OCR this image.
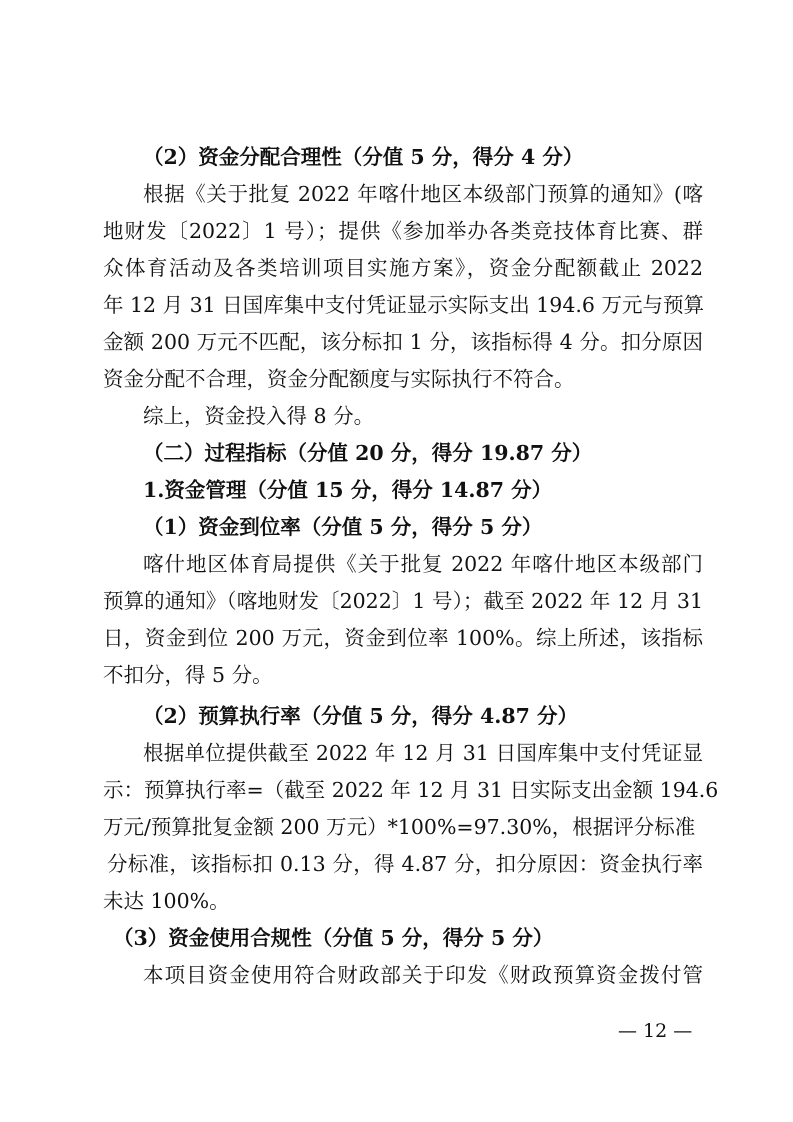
（2）资金分配合理性（分值 5 分，得分 4 分）
根据《关于批复 2022 年喀什地区本级部门预算的通知》(喀
地财发〔2022〕1 号）；提供《参加举办各类竞技体育比赛、群
众体育活动及各类培训项目实施方案》，资金分配额截止 2022
年 12 月 31 日国库集中支付凭证显示实际支出 194.6 万元与预算
金额 200 万元不匹配，该分标扣 1 分，该指标得 4 分。扣分原因
资金分配不合理，资金分配额度与实际执行不符合。
综上，资金投入得 8 分。
（二）过程指标（分值 20 分，得分 19.87 分）
1.资金管理（分值 15 分，得分 14.87 分）
（1）资金到位率（分值 5 分，得分 5 分）
喀什地区体育局提供《关于批复 2022 年喀什地区本级部门
预算的通知》（喀地财发〔2022〕1 号）；截至 2022 年 12 月 31
日，资金到位 200 万元，资金到位率 100%。综上所述，该指标
不扣分，得 5 分。
（2）预算执行率（分值 5 分，得分 4.87 分）
根据单位提供截至 2022 年 12 月 31 日国库集中支付凭证显
示：预算执行率=（截至 2022 年 12 月 31 日实际支出金额 194.6
万元/预算批复金额 200 万元）*100%=97.30%，根据评分标准
分标准，该指标扣 0.13 分，得 4.87 分，扣分原因：资金执行率
未达 100%。
（3）资金使用合规性（分值 5 分，得分 5 分）
本项目资金使用符合财政部关于印发《财政预算资金拨付管
— 12 —
